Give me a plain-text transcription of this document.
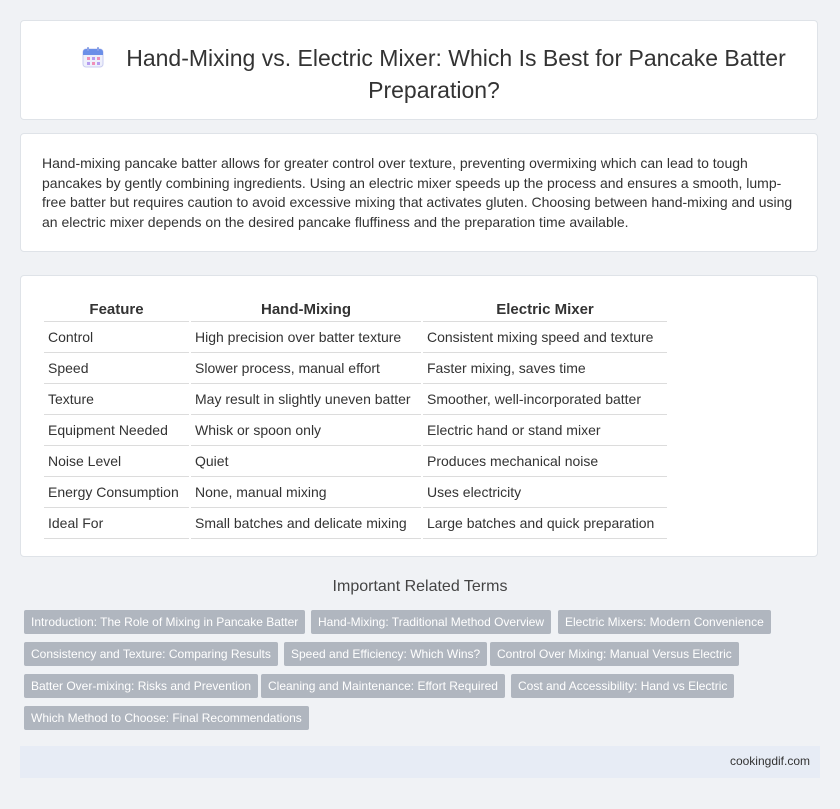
Hand-Mixing vs. Electric Mixer: Which Is Best for Pancake Batter Preparation?

Hand-mixing pancake batter allows for greater control over texture, preventing overmixing which can lead to tough pancakes by gently combining ingredients. Using an electric mixer speeds up the process and ensures a smooth, lump-free batter but requires caution to avoid excessive mixing that activates gluten. Choosing between hand-mixing and using an electric mixer depends on the desired pancake fluffiness and the preparation time available.

Feature	Hand-Mixing	Electric Mixer
Control	High precision over batter texture	Consistent mixing speed and texture
Speed	Slower process, manual effort	Faster mixing, saves time
Texture	May result in slightly uneven batter	Smoother, well-incorporated batter
Equipment Needed	Whisk or spoon only	Electric hand or stand mixer
Noise Level	Quiet	Produces mechanical noise
Energy Consumption	None, manual mixing	Uses electricity
Ideal For	Small batches and delicate mixing	Large batches and quick preparation
Important Related Terms
Introduction: The Role of Mixing in Pancake Batter	Hand-Mixing: Traditional Method Overview	Electric Mixers: Modern Convenience
Consistency and Texture: Comparing Results	Speed and Efficiency: Which Wins?	Control Over Mixing: Manual Versus Electric
Batter Over-mixing: Risks and Prevention	Cleaning and Maintenance: Effort Required	Cost and Accessibility: Hand vs Electric
Which Method to Choose: Final Recommendations
cookingdif.com
